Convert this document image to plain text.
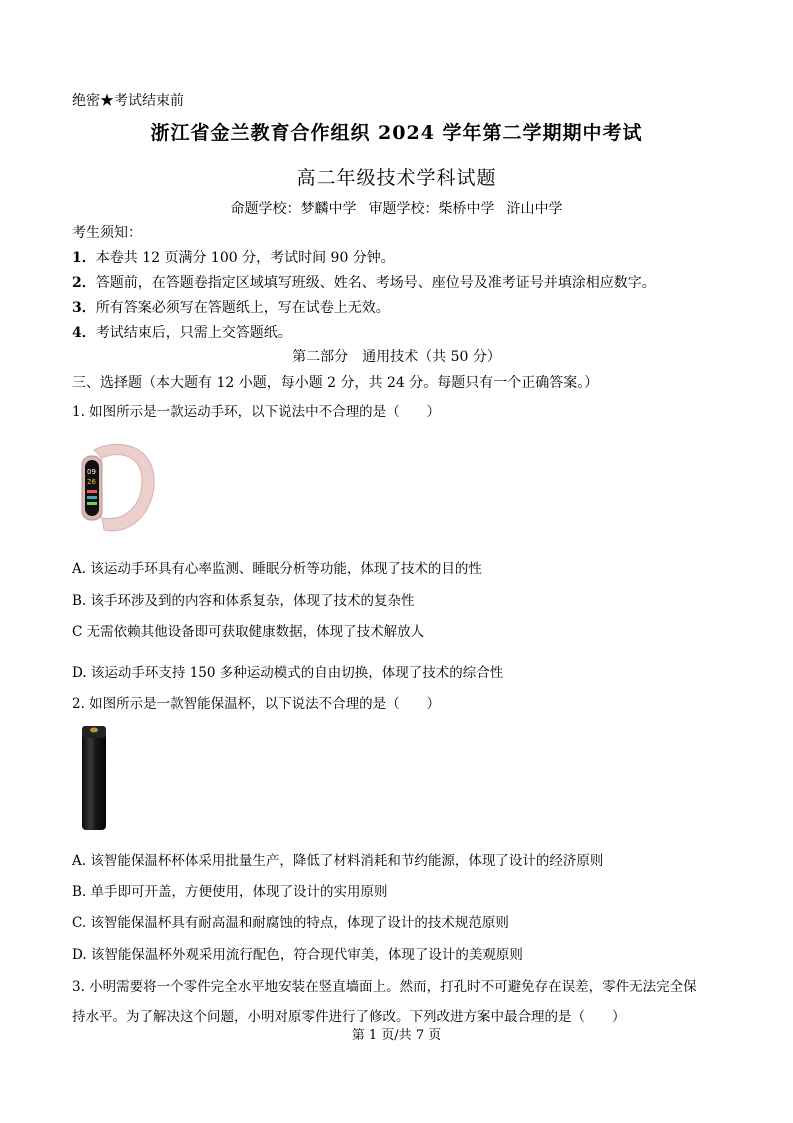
绝密★考试结束前
浙江省金兰教育合作组织 2024 学年第二学期期中考试
高二年级技术学科试题
命题学校：梦麟中学 审题学校：柴桥中学 浒山中学
考生须知：
1．本卷共 12 页满分 100 分，考试时间 90 分钟。
2．答题前，在答题卷指定区域填写班级、姓名、考场号、座位号及准考证号并填涂相应数字。
3．所有答案必须写在答题纸上，写在试卷上无效。
4．考试结束后，只需上交答题纸。
第二部分　通用技术（共 50 分）
三、选择题（本大题有 12 小题，每小题 2 分，共 24 分。每题只有一个正确答案。）
1. 如图所示是一款运动手环，以下说法中不合理的是（　　）
09
26
A. 该运动手环具有心率监测、睡眠分析等功能，体现了技术的目的性
B. 该手环涉及到的内容和体系复杂，体现了技术的复杂性
C 无需依赖其他设备即可获取健康数据，体现了技术解放人
D. 该运动手环支持 150 多种运动模式的自由切换，体现了技术的综合性
2. 如图所示是一款智能保温杯，以下说法不合理的是（　　）
A. 该智能保温杯杯体采用批量生产，降低了材料消耗和节约能源，体现了设计的经济原则
B. 单手即可开盖，方便使用，体现了设计的实用原则
C. 该智能保温杯具有耐高温和耐腐蚀的特点，体现了设计的技术规范原则
D. 该智能保温杯外观采用流行配色，符合现代审美，体现了设计的美观原则
3. 小明需要将一个零件完全水平地安装在竖直墙面上。然而，打孔时不可避免存在误差，零件无法完全保
持水平。为了解决这个问题，小明对原零件进行了修改。下列改进方案中最合理的是（　　）
第 1 页/共 7 页
